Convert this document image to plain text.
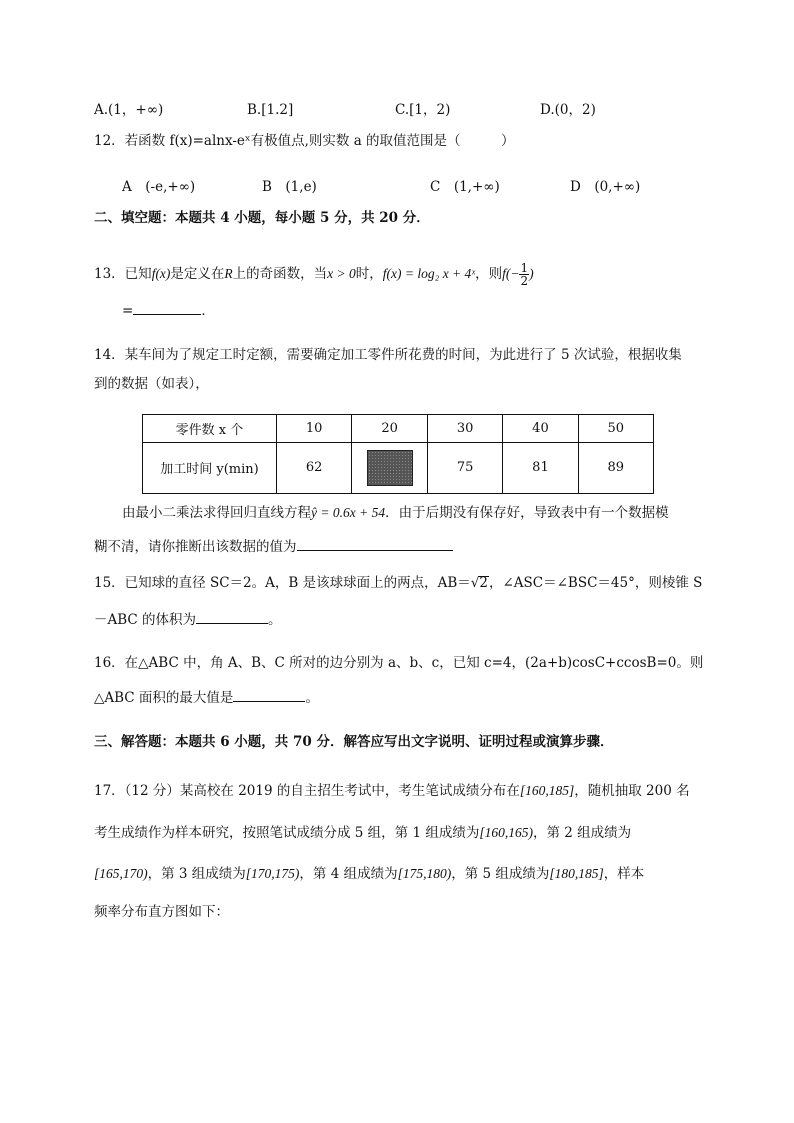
A.(1，+∞)	B.[1.2]	C.[1，2)	D.(0，2)
12．若函数 f(x)=alnx-eˣ有极值点,则实数 a 的取值范围是（　　　）
A　(-e,+∞)	B　(1,e)	C　(1,+∞)	D　(0,+∞)
二、填空题：本题共 4 小题，每小题 5 分，共 20 分．
13．已知f(x)是定义在R上的奇函数，当x > 0时，f(x) = log₂ x + 4ˣ，则$f(- \frac{1}{2}$ )
=	．
14．某车间为了规定工时定额，需要确定加工零件所花费的时间，为此进行了 5 次试验，根据收集
到的数据（如表），
零件数 x 个	10	20	30	40	50
加工时间 y(min)	62		75	81	89
由最小二乘法求得回归直线方程ŷ = 0.6x + 54．由于后期没有保存好，导致表中有一个数据模
糊不清，请你推断出该数据的值为
15．已知球的直径 SC＝2。A，B 是该球球面上的两点，AB＝√2，∠ASC＝∠BSC＝45°，则棱锥 S
－ABC 的体积为	。
16．在△ABC 中，角 A、B、C 所对的边分别为 a、b、c，已知 c=4，(2a+b)cosC+ccosB=0。则
△ABC 面积的最大值是	。
三、解答题：本题共 6 小题，共 70 分．解答应写出文字说明、证明过程或演算步骤．
17．（12 分）某高校在 2019 的自主招生考试中，考生笔试成绩分布在[160,185]，随机抽取 200 名
考生成绩作为样本研究，按照笔试成绩分成 5 组，第 1 组成绩为[160,165)，第 2 组成绩为
[165,170)，第 3 组成绩为[170,175)，第 4 组成绩为[175,180)，第 5 组成绩为[180,185]，样本
频率分布直方图如下：
